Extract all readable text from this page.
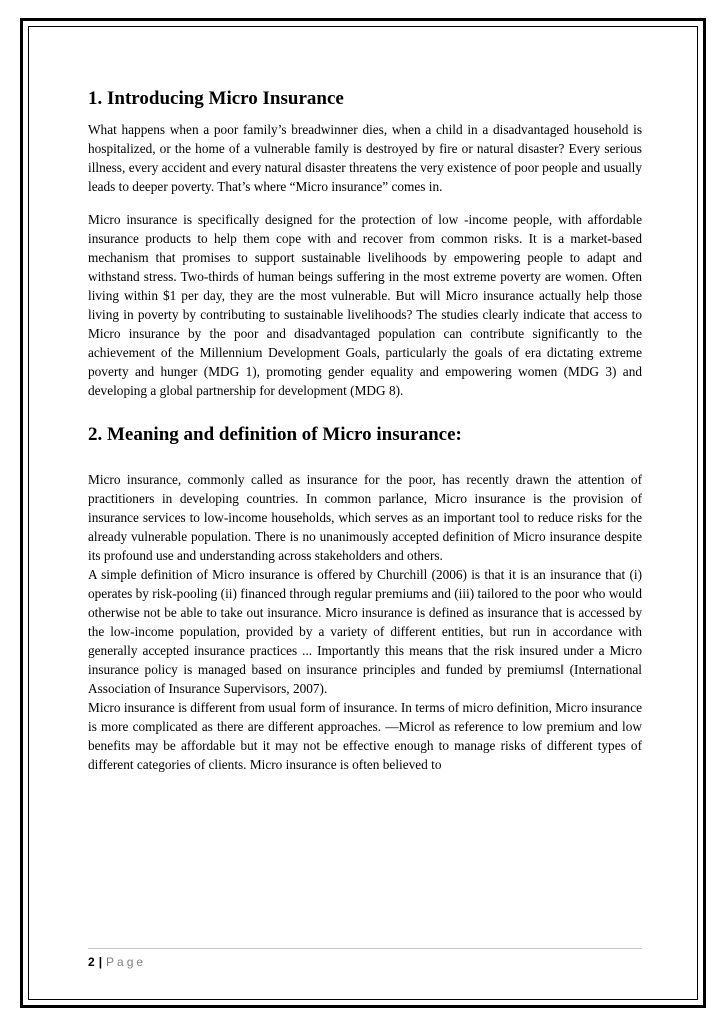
1. Introducing Micro Insurance

What happens when a poor family’s breadwinner dies, when a child in a disadvantaged household is hospitalized, or the home of a vulnerable family is destroyed by fire or natural disaster? Every serious illness, every accident and every natural disaster threatens the very existence of poor people and usually leads to deeper poverty. That’s where “Micro insurance” comes in.

Micro insurance is specifically designed for the protection of low -income people, with affordable insurance products to help them cope with and recover from common risks. It is a market-based mechanism that promises to support sustainable livelihoods by empowering people to adapt and withstand stress. Two-thirds of human beings suffering in the most extreme poverty are women. Often living within $1 per day, they are the most vulnerable. But will Micro insurance actually help those living in poverty by contributing to sustainable livelihoods? The studies clearly indicate that access to Micro insurance by the poor and disadvantaged population can contribute significantly to the achievement of the Millennium Development Goals, particularly the goals of era dictating extreme poverty and hunger (MDG 1), promoting gender equality and empowering women (MDG 3) and developing a global partnership for development (MDG 8).

2. Meaning and definition of Micro insurance:

Micro insurance, commonly called as insurance for the poor, has recently drawn the attention of practitioners in developing countries. In common parlance, Micro insurance is the provision of insurance services to low-income households, which serves as an important tool to reduce risks for the already vulnerable population. There is no unanimously accepted definition of Micro insurance despite its profound use and understanding across stakeholders and others.

A simple definition of Micro insurance is offered by Churchill (2006) is that it is an insurance that (i) operates by risk-pooling (ii) financed through regular premiums and (iii) tailored to the poor who would otherwise not be able to take out insurance. Micro insurance is defined as insurance that is accessed by the low-income population, provided by a variety of different entities, but run in accordance with generally accepted insurance practices ... Importantly this means that the risk insured under a Micro insurance policy is managed based on insurance principles and funded by premiums‖ (International Association of Insurance Supervisors, 2007).

Micro insurance is different from usual form of insurance. In terms of micro definition, Micro insurance is more complicated as there are different approaches. ―Micro‖ as reference to low premium and low benefits may be affordable but it may not be effective enough to manage risks of different types of different categories of clients. Micro insurance is often believed to

2 | Page
